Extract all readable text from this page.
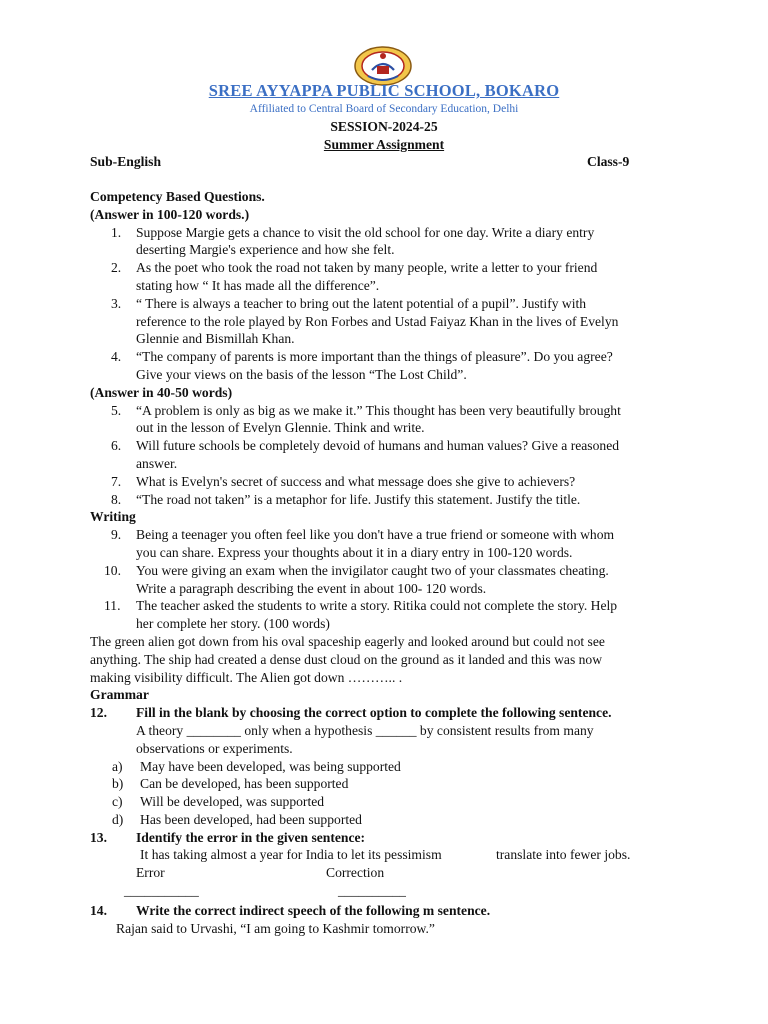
SREE AYYAPPA PUBLIC SCHOOL, BOKARO
Affiliated to Central Board of Secondary Education, Delhi
SESSION-2024-25
Summer Assignment
Sub-English	Class-9
Competency Based Questions.
(Answer in 100-120 words.)
1. Suppose Margie gets a chance to visit the old school for one day. Write a diary entry
deserting Margie's experience and how she felt.
2. As the poet who took the road not taken by many people, write a letter to your friend
stating how “ It has made all the difference”.
3. “ There is always a teacher to bring out the latent potential of a pupil”. Justify with
reference to the role played by Ron Forbes and Ustad Faiyaz Khan in the lives of Evelyn
Glennie and Bismillah Khan.
4. “The company of parents is more important than the things of pleasure”. Do you agree?
Give your views on the basis of the lesson “The Lost Child”.
(Answer in 40-50 words)
5. “A problem is only as big as we make it.” This thought has been very beautifully brought
out in the lesson of Evelyn Glennie. Think and write.
6. Will future schools be completely devoid of humans and human values? Give a reasoned
answer.
7. What is Evelyn's secret of success and what message does she give to achievers?
8. “The road not taken” is a metaphor for life. Justify this statement. Justify the title.
Writing
9. Being a teenager you often feel like you don't have a true friend or someone with whom
you can share. Express your thoughts about it in a diary entry in 100-120 words.
10. You were giving an exam when the invigilator caught two of your classmates cheating.
Write a paragraph describing the event in about 100- 120 words.
11. The teacher asked the students to write a story. Ritika could not complete the story. Help
her complete her story. (100 words)
The green alien got down from his oval spaceship eagerly and looked around but could not see
anything. The ship had created a dense dust cloud on the ground as it landed and this was now
making visibility difficult. The Alien got down ……….. .
Grammar
12. Fill in the blank by choosing the correct option to complete the following sentence.
A theory ________ only when a hypothesis ______ by consistent results from many
observations or experiments.
a) May have been developed, was being supported
b) Can be developed, has been supported
c) Will be developed, was supported
d) Has been developed, had been supported
13. Identify the error in the given sentence:
It has taking almost a year for India to let its pessimism	translate into fewer jobs.
Error	Correction
___________	__________
14. Write the correct indirect speech of the following m sentence.
Rajan said to Urvashi, “I am going to Kashmir tomorrow.”
